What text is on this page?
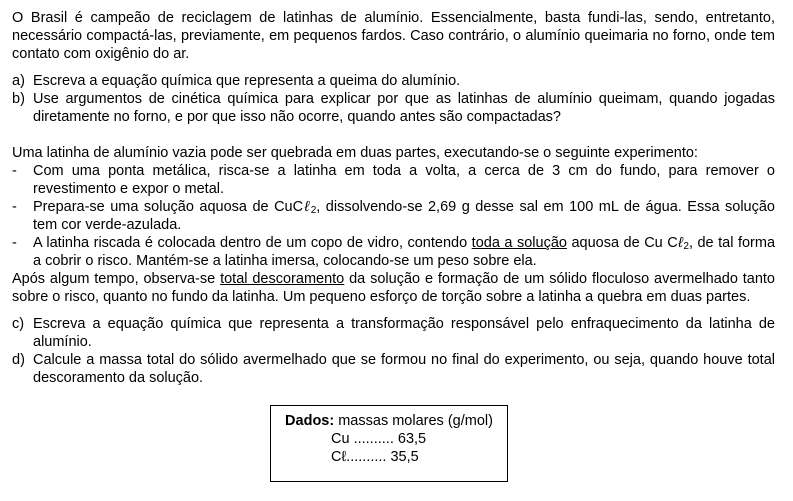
O Brasil é campeão de reciclagem de latinhas de alumínio. Essencialmente, basta fundi-las, sendo, entretanto, necessário compactá-las, previamente, em pequenos fardos. Caso contrário, o alumínio queimaria no forno, onde tem contato com oxigênio do ar.

a) Escreva a equação química que representa a queima do alumínio.
b) Use argumentos de cinética química para explicar por que as latinhas de alumínio queimam, quando jogadas diretamente no forno, e por que isso não ocorre, quando antes são compactadas?

Uma latinha de alumínio vazia pode ser quebrada em duas partes, executando-se o seguinte experimento:

-	Com uma ponta metálica, risca-se a latinha em toda a volta, a cerca de 3 cm do fundo, para remover o revestimento e expor o metal.
-	Prepara-se uma solução aquosa de CuCℓ$_2$, dissolvendo-se 2,69 g desse sal em 100 mL de água. Essa solução tem cor verde-azulada.
-	A latinha riscada é colocada dentro de um copo de vidro, contendo toda a solução aquosa de Cu Cℓ$_2$, de tal forma a cobrir o risco. Mantém-se a latinha imersa, colocando-se um peso sobre ela.

Após algum tempo, observa-se total descoramento da solução e formação de um sólido floculoso avermelhado tanto sobre o risco, quanto no fundo da latinha. Um pequeno esforço de torção sobre a latinha a quebra em duas partes.

c) Escreva a equação química que representa a transformação responsável pelo enfraquecimento da latinha de alumínio.
d) Calcule a massa total do sólido avermelhado que se formou no final do experimento, ou seja, quando houve total descoramento da solução.
Dados: massas molares (g/mol)
Cu .......... 63,5
Cℓ.......... 35,5
